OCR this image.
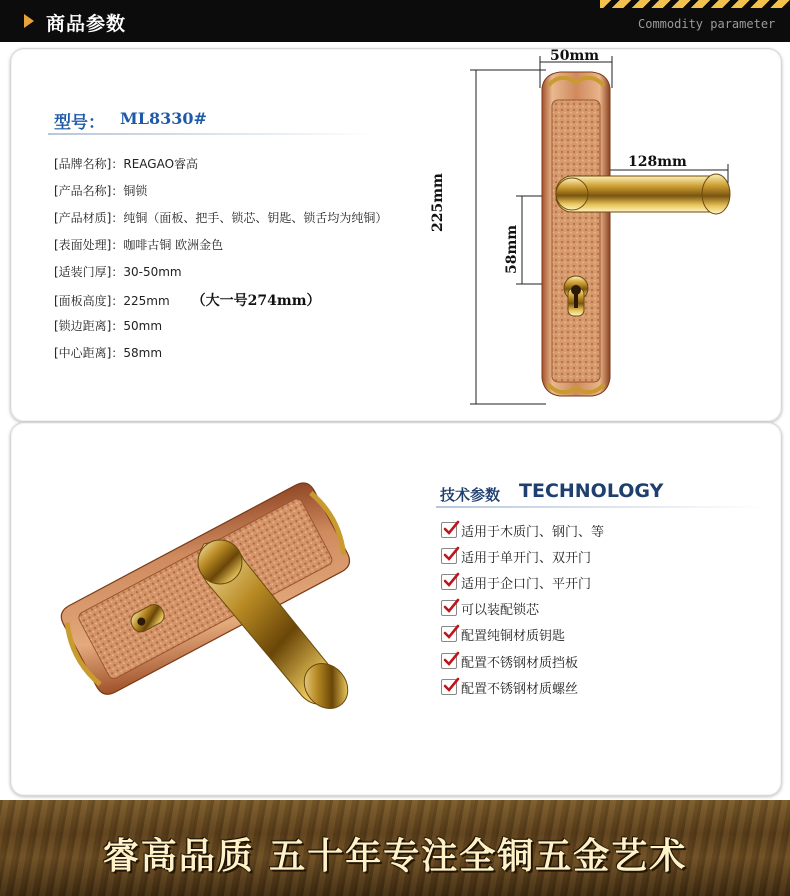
商品参数	Commodity parameter
型号： ML8330#
[品牌名称]：REAGAO睿高
[产品名称]：铜锁
[产品材质]：纯铜（面板、把手、锁芯、钥匙、锁舌均为纯铜）
[表面处理]：咖啡古铜 欧洲金色
[适装门厚]：30-50mm
[面板高度]：225mm （大一号274mm）
[锁边距离]：50mm
[中心距离]：58mm
50mm
128mm
225mm
58mm
技术参数 TECHNOLOGY
适用于木质门、钢门、等
适用于单开门、双开门
适用于企口门、平开门
可以装配锁芯
配置纯铜材质钥匙
配置不锈钢材质挡板
配置不锈钢材质螺丝
睿高品质 五十年专注全铜五金艺术
